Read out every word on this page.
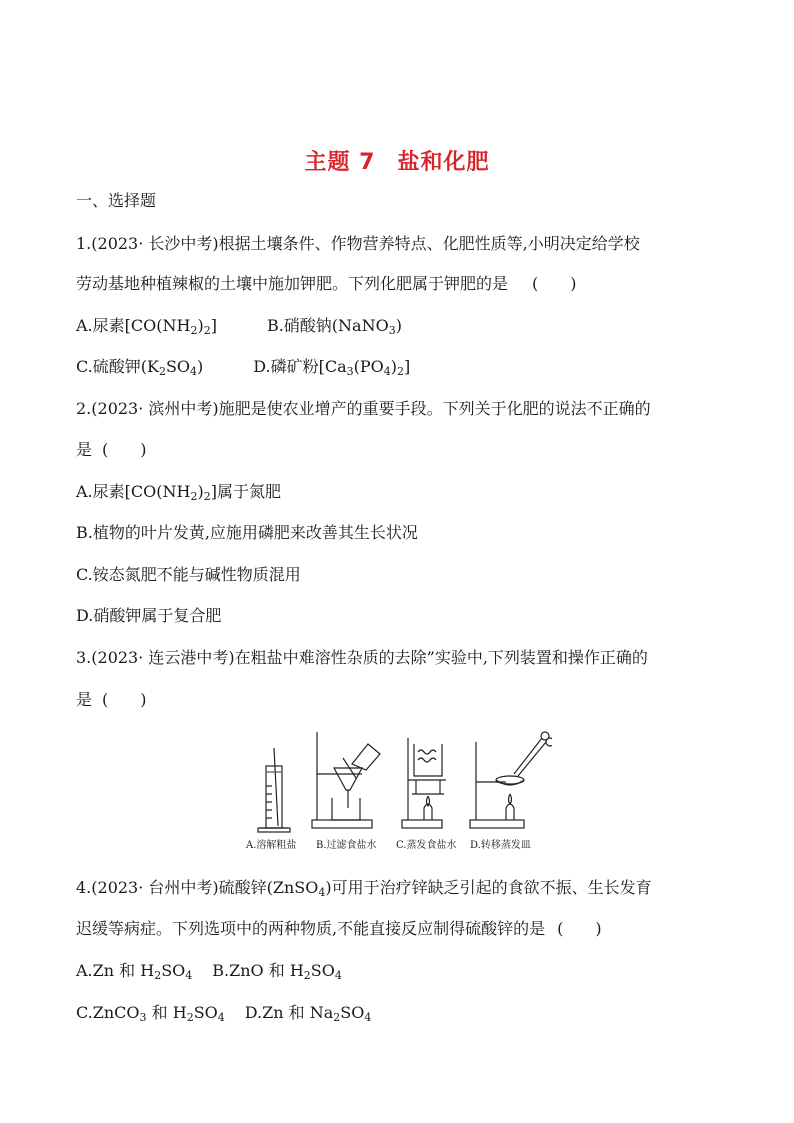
主题 7 盐和化肥
一、选择题
1.(2023· 长沙中考)根据土壤条件、作物营养特点、化肥性质等,小明决定给学校
劳动基地种植辣椒的土壤中施加钾肥。下列化肥属于钾肥的是 (　　)
A.尿素$[CO(NH_2)_2]$	B.硝酸钠(NaNO$_3$)
C.硫酸钾$(K_2SO_4)$	D.磷矿粉$[Ca_3(PO_4)_2]$
2.(2023· 滨州中考)施肥是使农业增产的重要手段。下列关于化肥的说法不正确的
是 (　　)
A.尿素$[CO(NH_2)_2]$属于氮肥
B.植物的叶片发黄,应施用磷肥来改善其生长状况
C.铵态氮肥不能与碱性物质混用
D.硝酸钾属于复合肥
3.(2023· 连云港中考)在粗盐中难溶性杂质的去除”实验中,下列装置和操作正确的
是 (　　)
A.溶解粗盐 B.过滤食盐水 C.蒸发食盐水 D.转移蒸发皿
4.(2023· 台州中考)硫酸锌(ZnSO$_4$)可用于治疗锌缺乏引起的食欲不振、生长发育
迟缓等病症。下列选项中的两种物质,不能直接反应制得硫酸锌的是 (　　)
A.Zn 和 $H_2SO_4$ B.ZnO 和 $H_2SO_4$
C.ZnCO$_3$ 和 $H_2SO_4$ D.Zn 和 $Na_2SO_4$
